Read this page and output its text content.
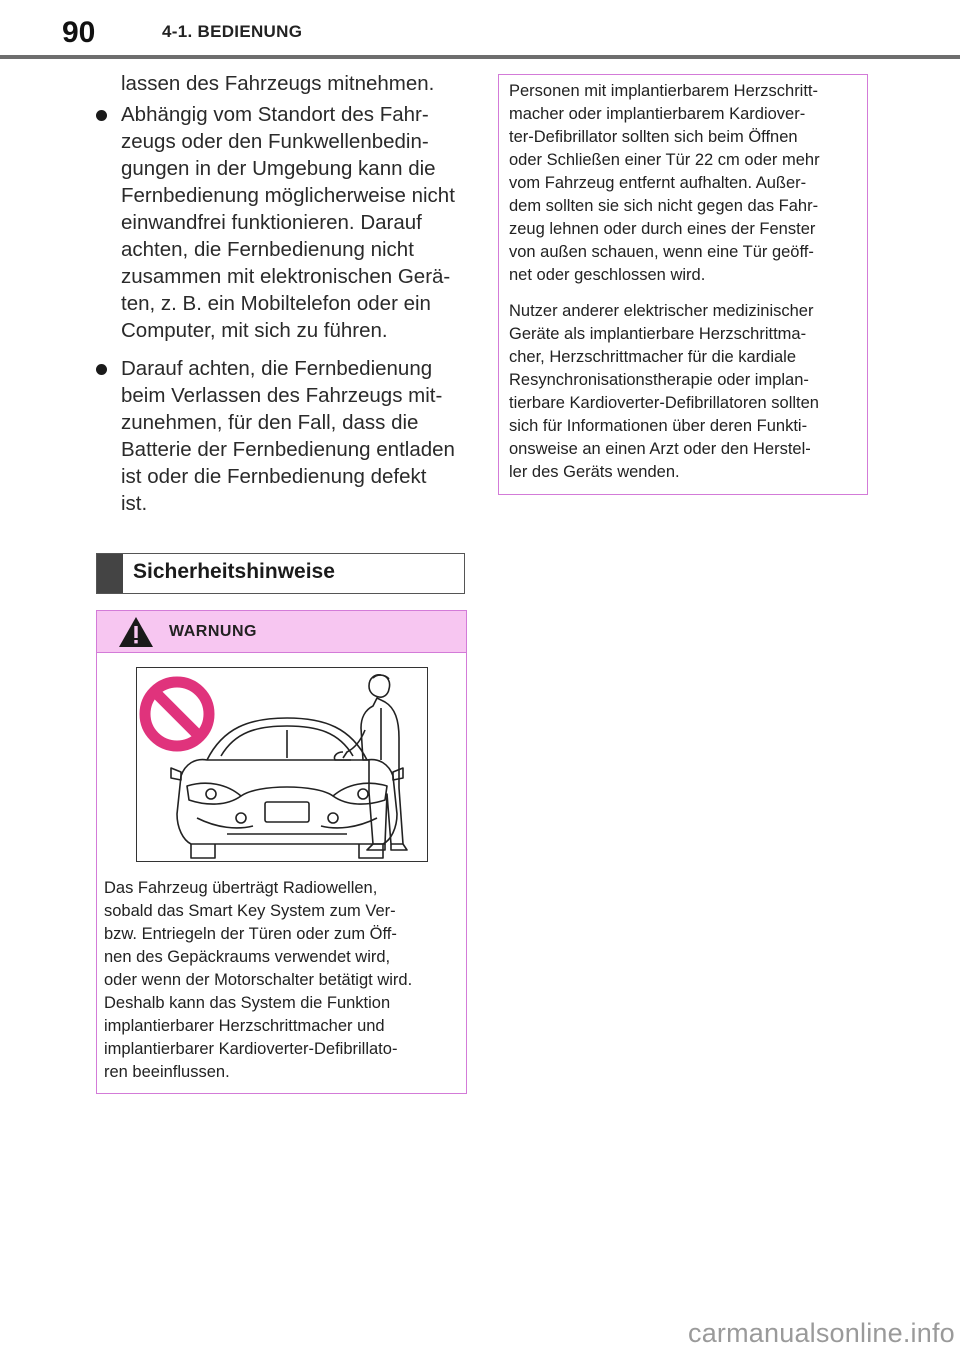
90	4-1. BEDIENUNG
lassen des Fahrzeugs mitnehmen.
Abhängig vom Standort des Fahr-
zeugs oder den Funkwellenbedin-
gungen in der Umgebung kann die
Fernbedienung möglicherweise nicht
einwandfrei funktionieren. Darauf
achten, die Fernbedienung nicht
zusammen mit elektronischen Gerä-
ten, z. B. ein Mobiltelefon oder ein
Computer, mit sich zu führen.
Darauf achten, die Fernbedienung
beim Verlassen des Fahrzeugs mit-
zunehmen, für den Fall, dass die
Batterie der Fernbedienung entladen
ist oder die Fernbedienung defekt
ist.
Sicherheitshinweise
WARNUNG
Das Fahrzeug überträgt Radiowellen,
sobald das Smart Key System zum Ver-
bzw. Entriegeln der Türen oder zum Öff-
nen des Gepäckraums verwendet wird,
oder wenn der Motorschalter betätigt wird.
Deshalb kann das System die Funktion
implantierbarer Herzschrittmacher und
implantierbarer Kardioverter-Defibrillato-
ren beeinflussen.
Personen mit implantierbarem Herzschritt-
macher oder implantierbarem Kardiover-
ter-Defibrillator sollten sich beim Öffnen
oder Schließen einer Tür 22 cm oder mehr
vom Fahrzeug entfernt aufhalten. Außer-
dem sollten sie sich nicht gegen das Fahr-
zeug lehnen oder durch eines der Fenster
von außen schauen, wenn eine Tür geöff-
net oder geschlossen wird.
Nutzer anderer elektrischer medizinischer
Geräte als implantierbare Herzschrittma-
cher, Herzschrittmacher für die kardiale
Resynchronisationstherapie oder implan-
tierbare Kardioverter-Defibrillatoren sollten
sich für Informationen über deren Funkti-
onsweise an einen Arzt oder den Herstel-
ler des Geräts wenden.
carmanualsonline.info
